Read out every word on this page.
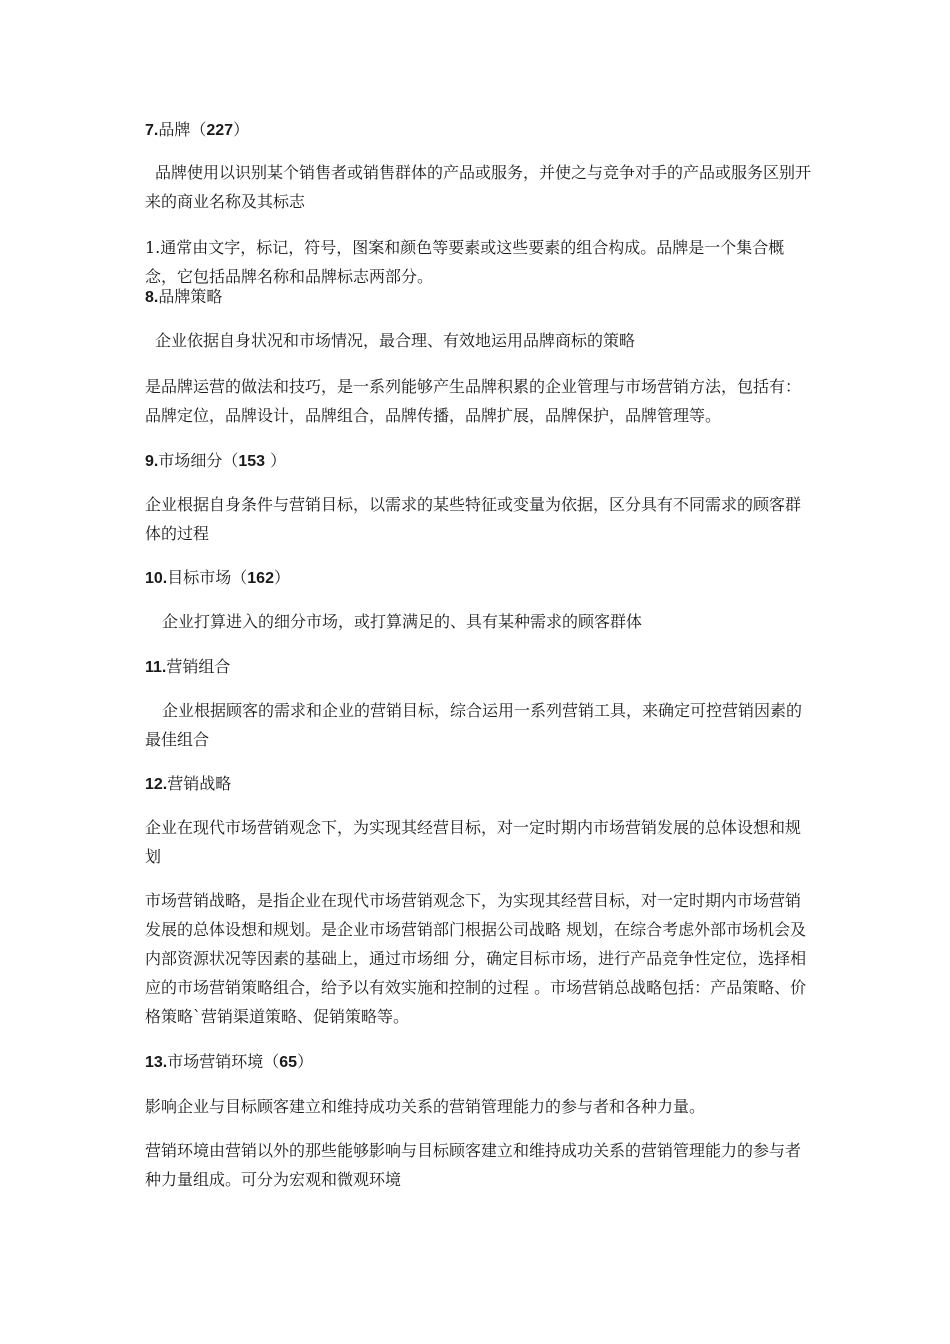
7.品牌（227）

品牌使用以识别某个销售者或销售群体的产品或服务，并使之与竞争对手的产品或服务区别开来的商业名称及其标志

1.通常由文字，标记，符号，图案和颜色等要素或这些要素的组合构成。品牌是一个集合概念，它包括品牌名称和品牌标志两部分。

8.品牌策略

企业依据自身状况和市场情况，最合理、有效地运用品牌商标的策略

是品牌运营的做法和技巧，是一系列能够产生品牌积累的企业管理与市场营销方法，包括有：品牌定位，品牌设计，品牌组合，品牌传播，品牌扩展，品牌保护，品牌管理等。

9.市场细分（153 ）

企业根据自身条件与营销目标，以需求的某些特征或变量为依据，区分具有不同需求的顾客群体的过程

10.目标市场（162）

企业打算进入的细分市场，或打算满足的、具有某种需求的顾客群体

11.营销组合

企业根据顾客的需求和企业的营销目标，综合运用一系列营销工具，来确定可控营销因素的最佳组合

12.营销战略

企业在现代市场营销观念下，为实现其经营目标，对一定时期内市场营销发展的总体设想和规划

市场营销战略，是指企业在现代市场营销观念下，为实现其经营目标，对一定时期内市场营销发展的总体设想和规划。是企业市场营销部门根据公司战略 规划，在综合考虑外部市场机会及内部资源状况等因素的基础上，通过市场细 分，确定目标市场，进行产品竞争性定位，选择相应的市场营销策略组合，给予以有效实施和控制的过程 。市场营销总战略包括：产品策略、价格策略`营销渠道策略、促销策略等。

13.市场营销环境（65）

影响企业与目标顾客建立和维持成功关系的营销管理能力的参与者和各种力量。

营销环境由营销以外的那些能够影响与目标顾客建立和维持成功关系的营销管理能力的参与者种力量组成。可分为宏观和微观环境
